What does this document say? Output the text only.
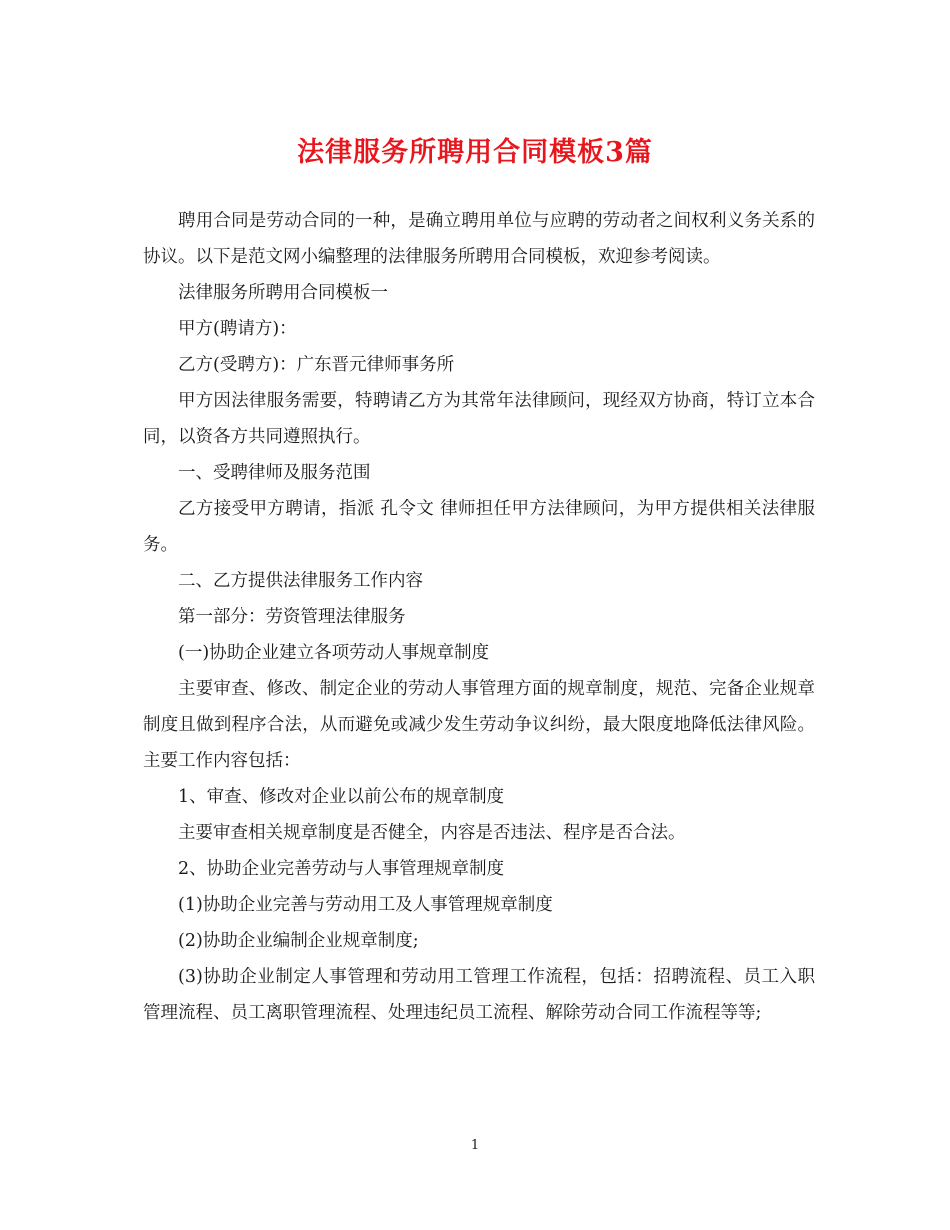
法律服务所聘用合同模板3篇

聘用合同是劳动合同的一种，是确立聘用单位与应聘的劳动者之间权利义务关系的协议。以下是范文网小编整理的法律服务所聘用合同模板，欢迎参考阅读。

法律服务所聘用合同模板一

甲方(聘请方)：

乙方(受聘方)：广东晋元律师事务所

甲方因法律服务需要，特聘请乙方为其常年法律顾问，现经双方协商，特订立本合同，以资各方共同遵照执行。

一、受聘律师及服务范围

乙方接受甲方聘请，指派 孔令文 律师担任甲方法律顾问，为甲方提供相关法律服务。

二、乙方提供法律服务工作内容

第一部分：劳资管理法律服务

(一)协助企业建立各项劳动人事规章制度

主要审查、修改、制定企业的劳动人事管理方面的规章制度，规范、完备企业规章制度且做到程序合法，从而避免或减少发生劳动争议纠纷，最大限度地降低法律风险。主要工作内容包括：

1、审查、修改对企业以前公布的规章制度

主要审查相关规章制度是否健全，内容是否违法、程序是否合法。

2、协助企业完善劳动与人事管理规章制度

(1)协助企业完善与劳动用工及人事管理规章制度

(2)协助企业编制企业规章制度;

(3)协助企业制定人事管理和劳动用工管理工作流程，包括：招聘流程、员工入职管理流程、员工离职管理流程、处理违纪员工流程、解除劳动合同工作流程等等;

1
